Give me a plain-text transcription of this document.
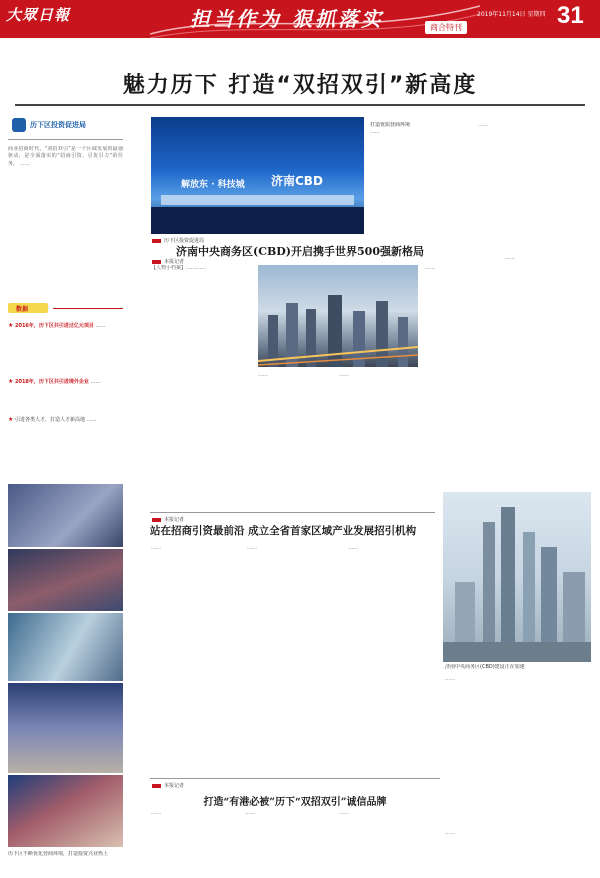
大眾日報	担当作为 狠抓落实	2019年11月14日 星期四 31
商合特刊
魅力历下 打造“双招双引”新高度
历下区投资促进局
商业招商时代，“双招双引”是一个区域发展的最强驱动，是全面落实的“招商引资、引优引力”的任务。 ……
数据
★ 2016年，历下区共引进过亿元项目 ……
★ 2018年，历下区共引进境外企业 ……
★ 引进各类人才，打造人才新高地 ……
历下区不断优化营商环境，打造投资兴业热土
解放东 · 科技城 济南CBD
历下区投资促进局
打造优质营商环境
……
……
济南中央商务区(CBD)开启携手世界500强新格局
本报记者
【人物小档案】…………
……	……
……
……
本报记者
站在招商引资最前沿 成立全省首家区域产业发展招引机构
……	……	……
济南中央商务区(CBD)建设正在加速
……
本报记者
打造“有港必被”历下“双招双引”诚信品牌
……	……	……
……
